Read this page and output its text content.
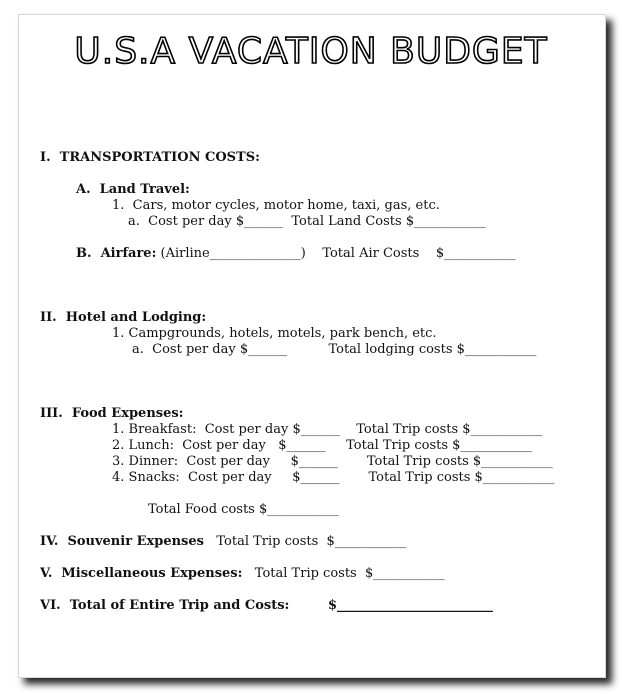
U.S.A VACATION BUDGET
I.  TRANSPORTATION COSTS:
A.  Land Travel:
1.  Cars, motor cycles, motor home, taxi, gas, etc.
a.  Cost per day $______  Total Land Costs $___________
B.  Airfare: (Airline______________)    Total Air Costs    $___________
II.  Hotel and Lodging:
1. Campgrounds, hotels, motels, park bench, etc.
a.  Cost per day $______          Total lodging costs $___________
III.  Food Expenses:
1. Breakfast:  Cost per day $______    Total Trip costs $___________
2. Lunch:  Cost per day   $______     Total Trip costs $___________
3. Dinner:  Cost per day     $______       Total Trip costs $___________
4. Snacks:  Cost per day     $______       Total Trip costs $___________
Total Food costs $___________
IV.  Souvenir Expenses   Total Trip costs  $___________
V.  Miscellaneous Expenses:   Total Trip costs  $___________
VI.  Total of Entire Trip and Costs:	$________________________
